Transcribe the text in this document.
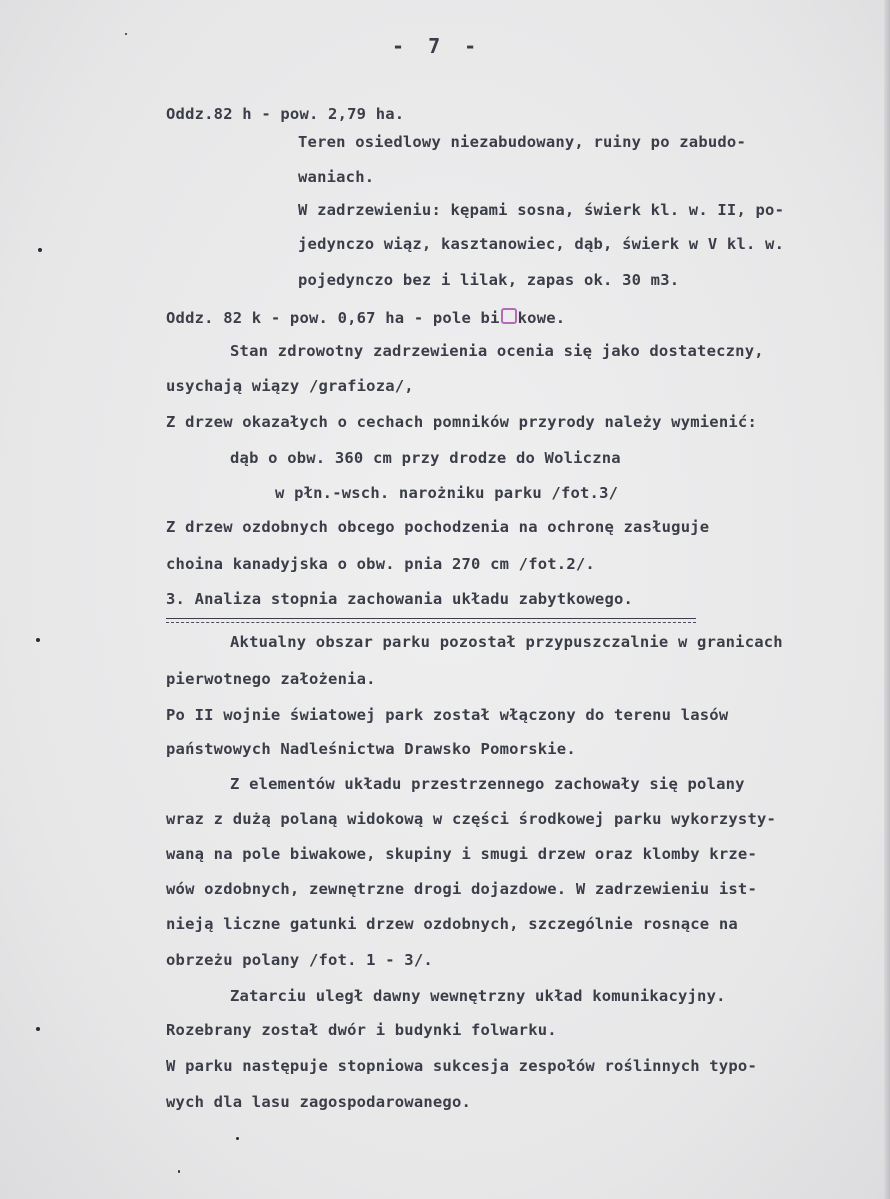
- 7 -
Oddz.82 h - pow. 2,79 ha.
Teren osiedlowy niezabudowany, ruiny po zabudo-
waniach.
W zadrzewieniu: kępami sosna, świerk kl. w. II, po-
jedynczo wiąz, kasztanowiec, dąb, świerk w V kl. w.
pojedynczo bez i lilak, zapas ok. 30 m3.
Oddz. 82 k - pow. 0,67 ha - pole bi kowe.
Stan zdrowotny zadrzewienia ocenia się jako dostateczny,
usychają wiązy /grafioza/,
Z drzew okazałych o cechach pomników przyrody należy wymienić:
dąb o obw. 360 cm przy drodze do Woliczna
w płn.-wsch. narożniku parku /fot.3/
Z drzew ozdobnych obcego pochodzenia na ochronę zasługuje
choina kanadyjska o obw. pnia 270 cm /fot.2/.
3. Analiza stopnia zachowania układu zabytkowego.
Aktualny obszar parku pozostał przypuszczalnie w granicach
pierwotnego założenia.
Po II wojnie światowej park został włączony do terenu lasów
państwowych Nadleśnictwa Drawsko Pomorskie.
Z elementów układu przestrzennego zachowały się polany
wraz z dużą polaną widokową w części środkowej parku wykorzysty-
waną na pole biwakowe, skupiny i smugi drzew oraz klomby krze-
wów ozdobnych, zewnętrzne drogi dojazdowe. W zadrzewieniu ist-
nieją liczne gatunki drzew ozdobnych, szczególnie rosnące na
obrzeżu polany /fot. 1 - 3/.
Zatarciu uległ dawny wewnętrzny układ komunikacyjny.
Rozebrany został dwór i budynki folwarku.
W parku następuje stopniowa sukcesja zespołów roślinnych typo-
wych dla lasu zagospodarowanego.
